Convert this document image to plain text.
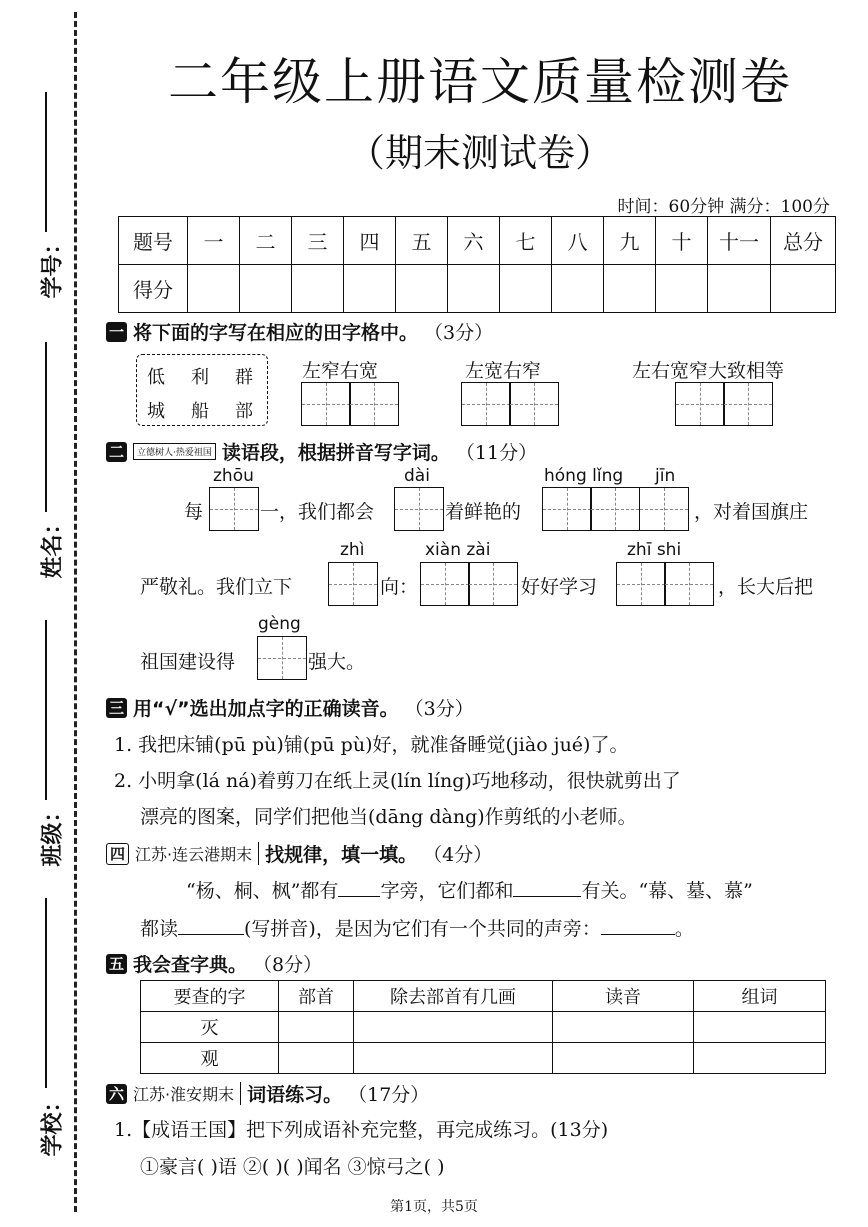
学号：
姓名：
班级：
学校：
二年级上册语文质量检测卷
（期末测试卷）
时间：60分钟 满分：100分
题号	一	二	三	四	五	六	七	八	九	十	十一	总分
得分												
一 将下面的字写在相应的田字格中。 （3分）
低 利 群
城 船 部
左窄右宽	左宽右窄	左右宽窄大致相等
二	立德树人·热爱祖国 读语段，根据拼音写字词。 （11分）
zhōu	dài	hóng lǐng jīn
每	一，我们都会	着鲜艳的	，对着国旗庄
zhì	xiàn zài	zhī shi
严敬礼。我们立下	向：	好好学习	，长大后把
gèng
祖国建设得	强大。
三 用“√”选出加点字的正确读音。 （3分）
1. 我把床铺(pū pù)铺(pū pù)好，就准备睡觉(jiào jué)了。
2. 小明拿(lá ná)着剪刀在纸上灵(lín líng)巧地移动，很快就剪出了
漂亮的图案，同学们把他当(dāng dàng)作剪纸的小老师。
四 江苏·连云港期末 找规律，填一填。 （4分）
“杨、桐、枫”都有 字旁，它们都和	有关。“幕、墓、慕”
都读	(写拼音)，是因为它们有一个共同的声旁：	。
五 我会查字典。 （8分）
要查的字	部首	除去部首有几画	读音	组词
灭				
观				
六 江苏·淮安期末 词语练习。 （17分）
1.【成语王国】把下列成语补充完整，再完成练习。(13分)
①豪言( )语 ②( )( )闻名 ③惊弓之( )
第1页，共5页
